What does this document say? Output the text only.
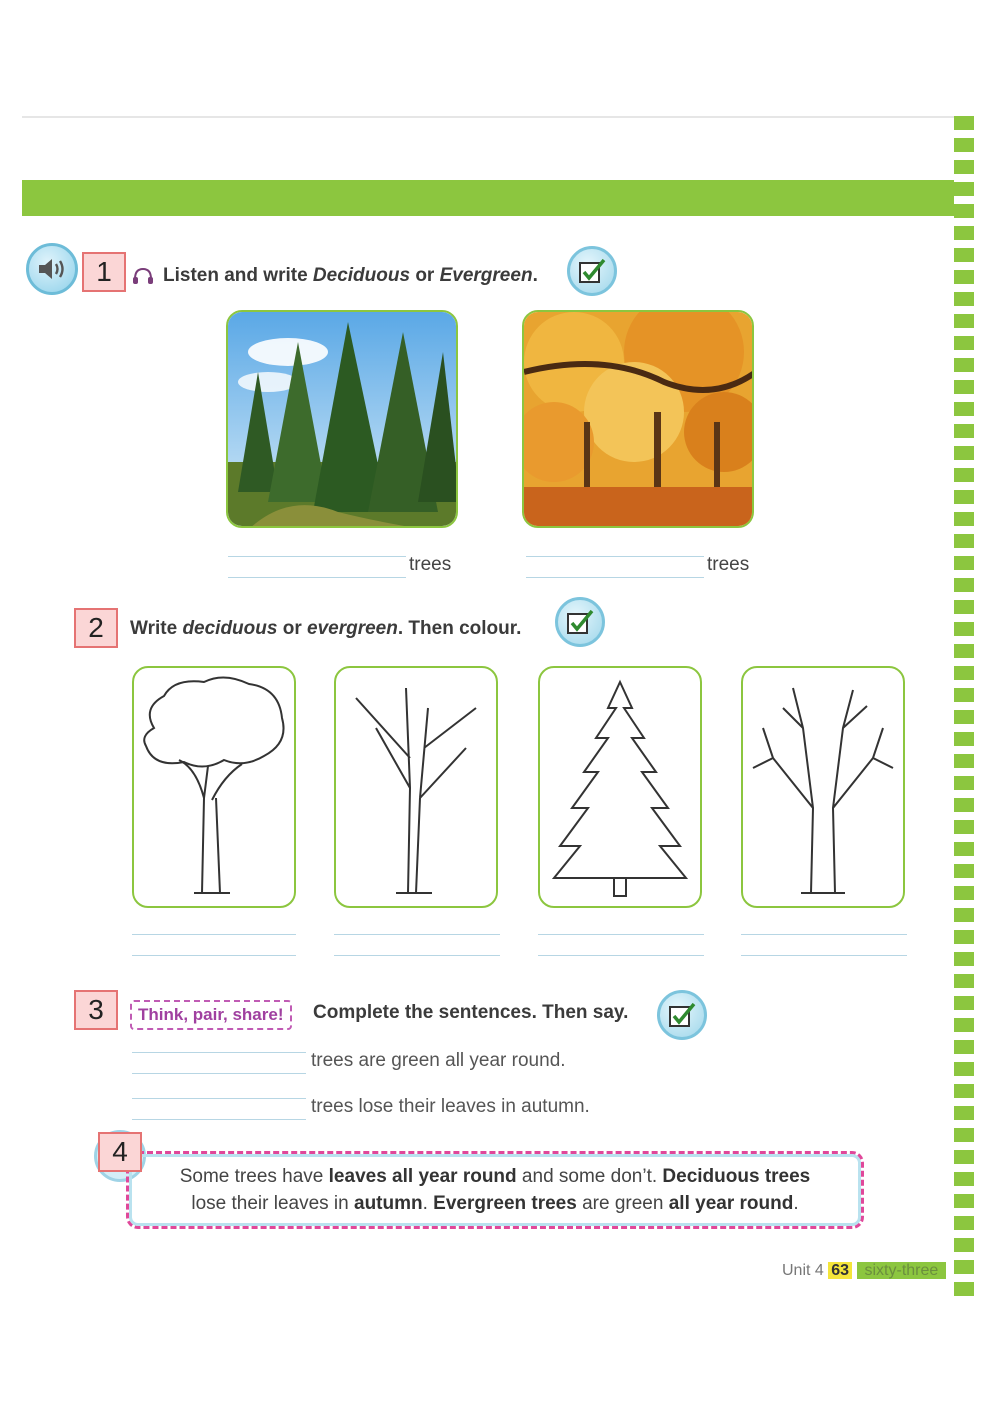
1	Listen and write Deciduous or Evergreen.
trees	trees
2	Write deciduous or evergreen. Then colour.
3	Think, pair, share!	Complete the sentences. Then say.
trees are green all year round.
trees lose their leaves in autumn.
Some trees have leaves all year round and some don’t. Deciduous trees
lose their leaves in autumn. Evergreen trees are green all year round.
4
Unit 4 63 sixty-three
